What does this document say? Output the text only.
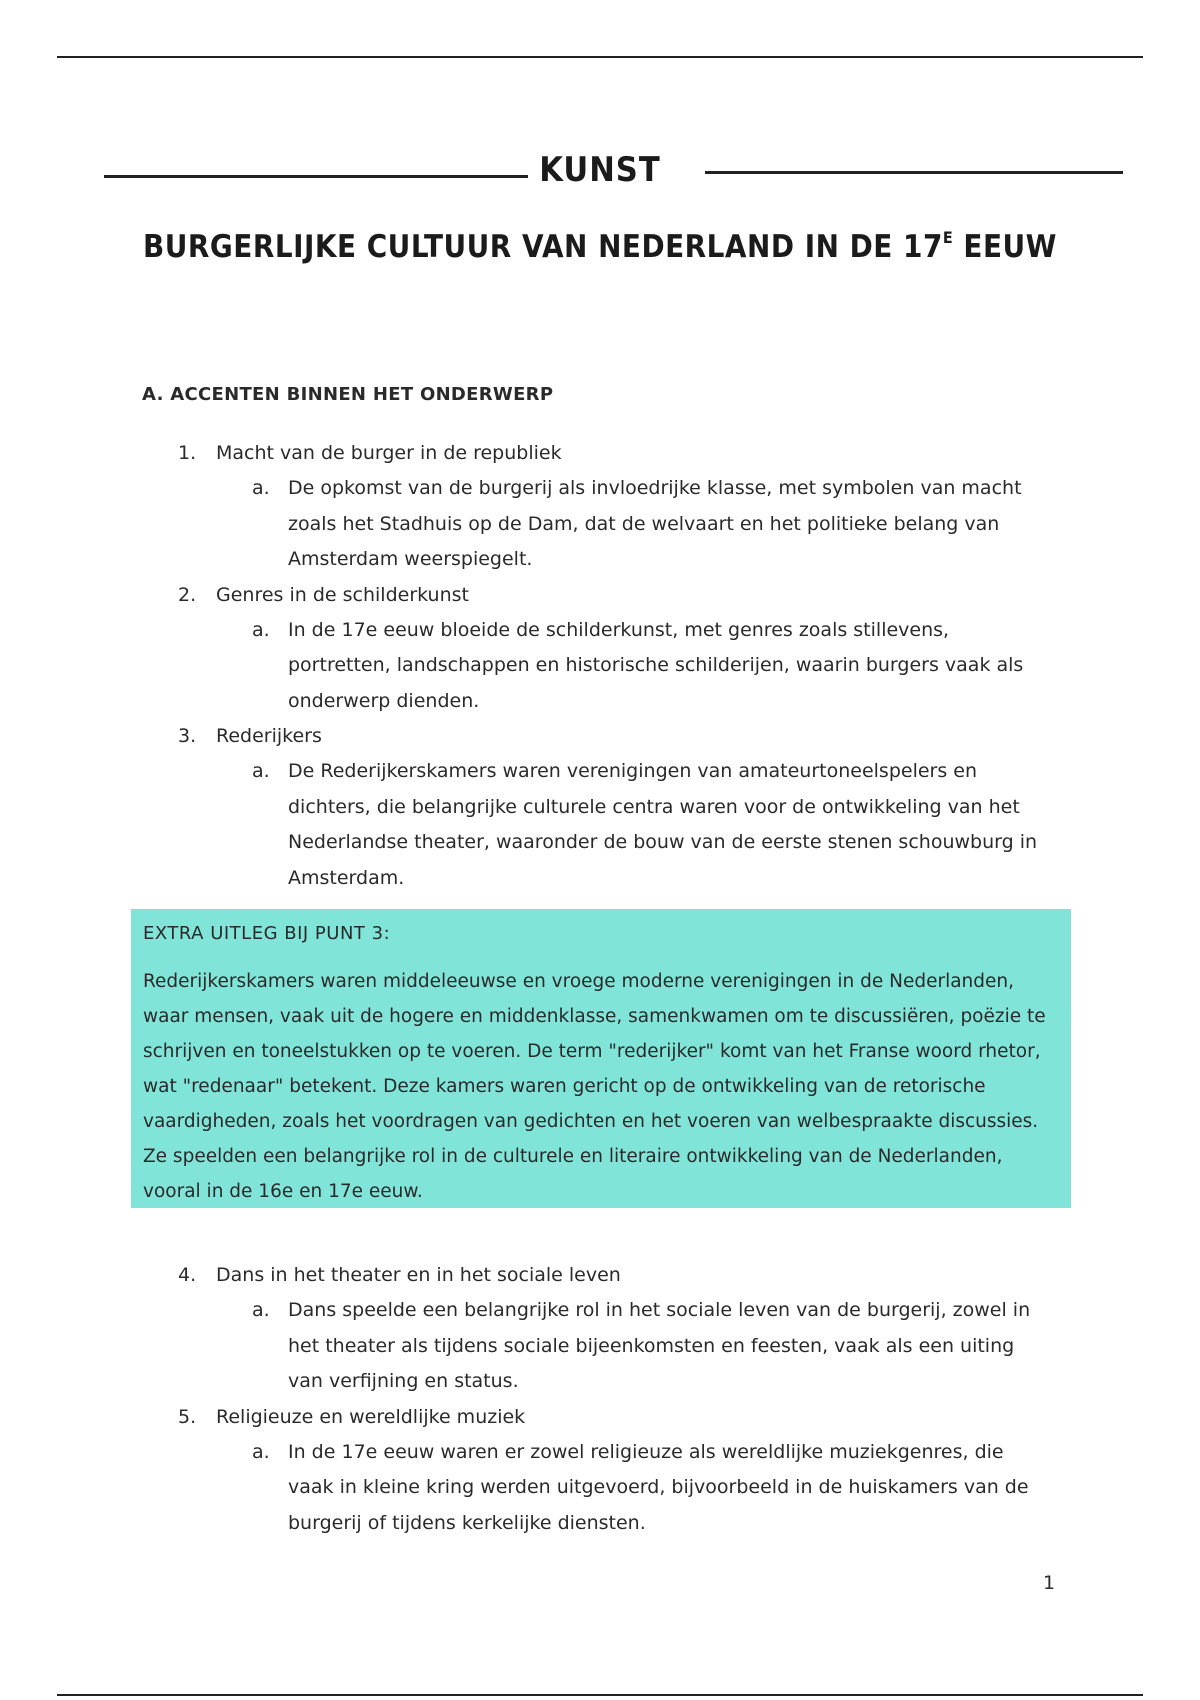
KUNST
BURGERLIJKE CULTUUR VAN NEDERLAND IN DE $17^E$ EEUW
A. ACCENTEN BINNEN HET ONDERWERP
1.	Macht van de burger in de republiek
a. De opkomst van de burgerij als invloedrijke klasse, met symbolen van macht zoals het Stadhuis op de Dam, dat de welvaart en het politieke belang van Amsterdam weerspiegelt.
2.	Genres in de schilderkunst
a. In de 17e eeuw bloeide de schilderkunst, met genres zoals stillevens, portretten, landschappen en historische schilderijen, waarin burgers vaak als onderwerp dienden.
3.	Rederijkers
a. De Rederijkerskamers waren verenigingen van amateurtoneelspelers en dichters, die belangrijke culturele centra waren voor de ontwikkeling van het Nederlandse theater, waaronder de bouw van de eerste stenen schouwburg in Amsterdam.
EXTRA UITLEG BIJ PUNT 3:
Rederijkerskamers waren middeleeuwse en vroege moderne verenigingen in de Nederlanden, waar mensen, vaak uit de hogere en middenklasse, samenkwamen om te discussiëren, poëzie te schrijven en toneelstukken op te voeren. De term "rederijker" komt van het Franse woord rhetor, wat "redenaar" betekent. Deze kamers waren gericht op de ontwikkeling van de retorische vaardigheden, zoals het voordragen van gedichten en het voeren van welbespraakte discussies. Ze speelden een belangrijke rol in de culturele en literaire ontwikkeling van de Nederlanden, vooral in de 16e en 17e eeuw.
4.	Dans in het theater en in het sociale leven
a. Dans speelde een belangrijke rol in het sociale leven van de burgerij, zowel in het theater als tijdens sociale bijeenkomsten en feesten, vaak als een uiting van verfijning en status.
5.	Religieuze en wereldlijke muziek
a. In de 17e eeuw waren er zowel religieuze als wereldlijke muziekgenres, die vaak in kleine kring werden uitgevoerd, bijvoorbeeld in de huiskamers van de burgerij of tijdens kerkelijke diensten.
1
